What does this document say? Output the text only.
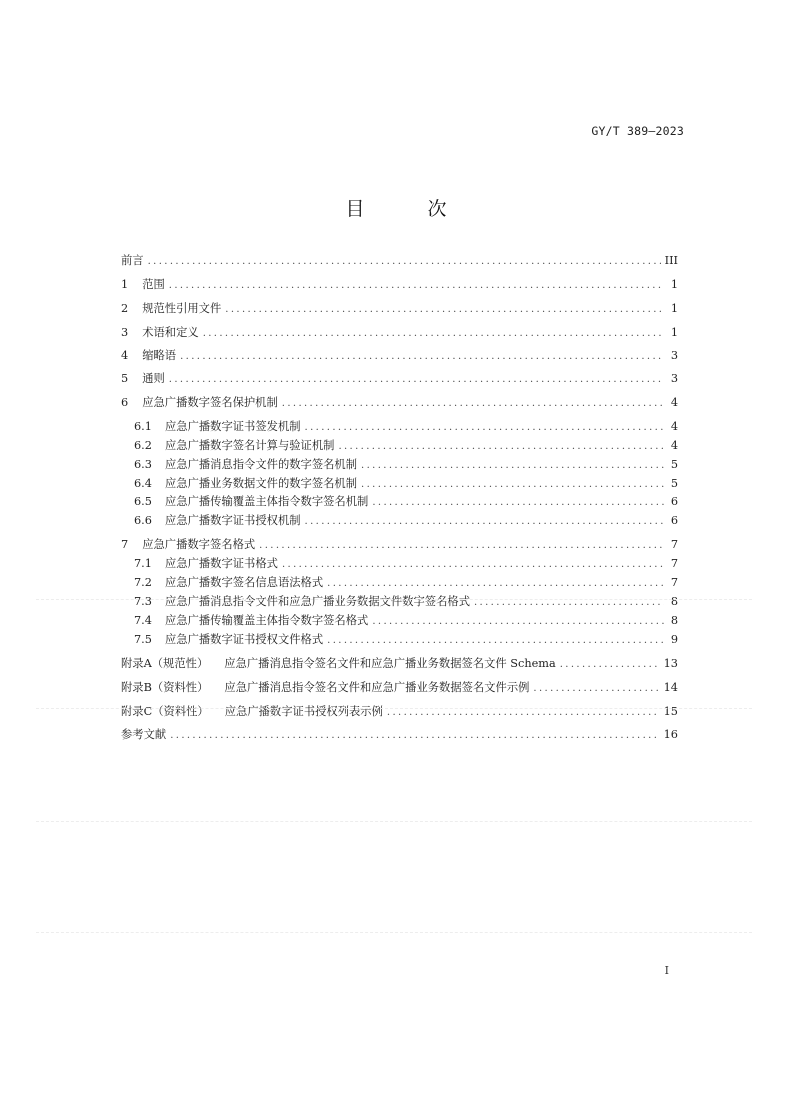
GY/T 389—2023
目　次
前言 . . .	III
1 范围 . . .	1
2 规范性引用文件 . . .	1
3 术语和定义 . . .	1
4 缩略语 . . .	3
5 通则 . . .	3
6 应急广播数字签名保护机制 . . .	4
6.1 应急广播数字证书签发机制 . . .	4
6.2 应急广播数字签名计算与验证机制 . . .	4
6.3 应急广播消息指令文件的数字签名机制 . . .	5
6.4 应急广播业务数据文件的数字签名机制 . . .	5
6.5 应急广播传输覆盖主体指令数字签名机制 . . .	6
6.6 应急广播数字证书授权机制 . . .	6
7 应急广播数字签名格式 . . .	7
7.1 应急广播数字证书格式 . . .	7
7.2 应急广播数字签名信息语法格式 . . .	7
7.3 应急广播消息指令文件和应急广播业务数据文件数字签名格式 . . .	8
7.4 应急广播传输覆盖主体指令数字签名格式 . . .	8
7.5 应急广播数字证书授权文件格式 . . .	9
附录A（规范性） 应急广播消息指令签名文件和应急广播业务数据签名文件 Schema . . .	13
附录B（资料性） 应急广播消息指令签名文件和应急广播业务数据签名文件示例 . . .	14
附录C（资料性） 应急广播数字证书授权列表示例 . . .	15
参考文献 . . .	16
I
